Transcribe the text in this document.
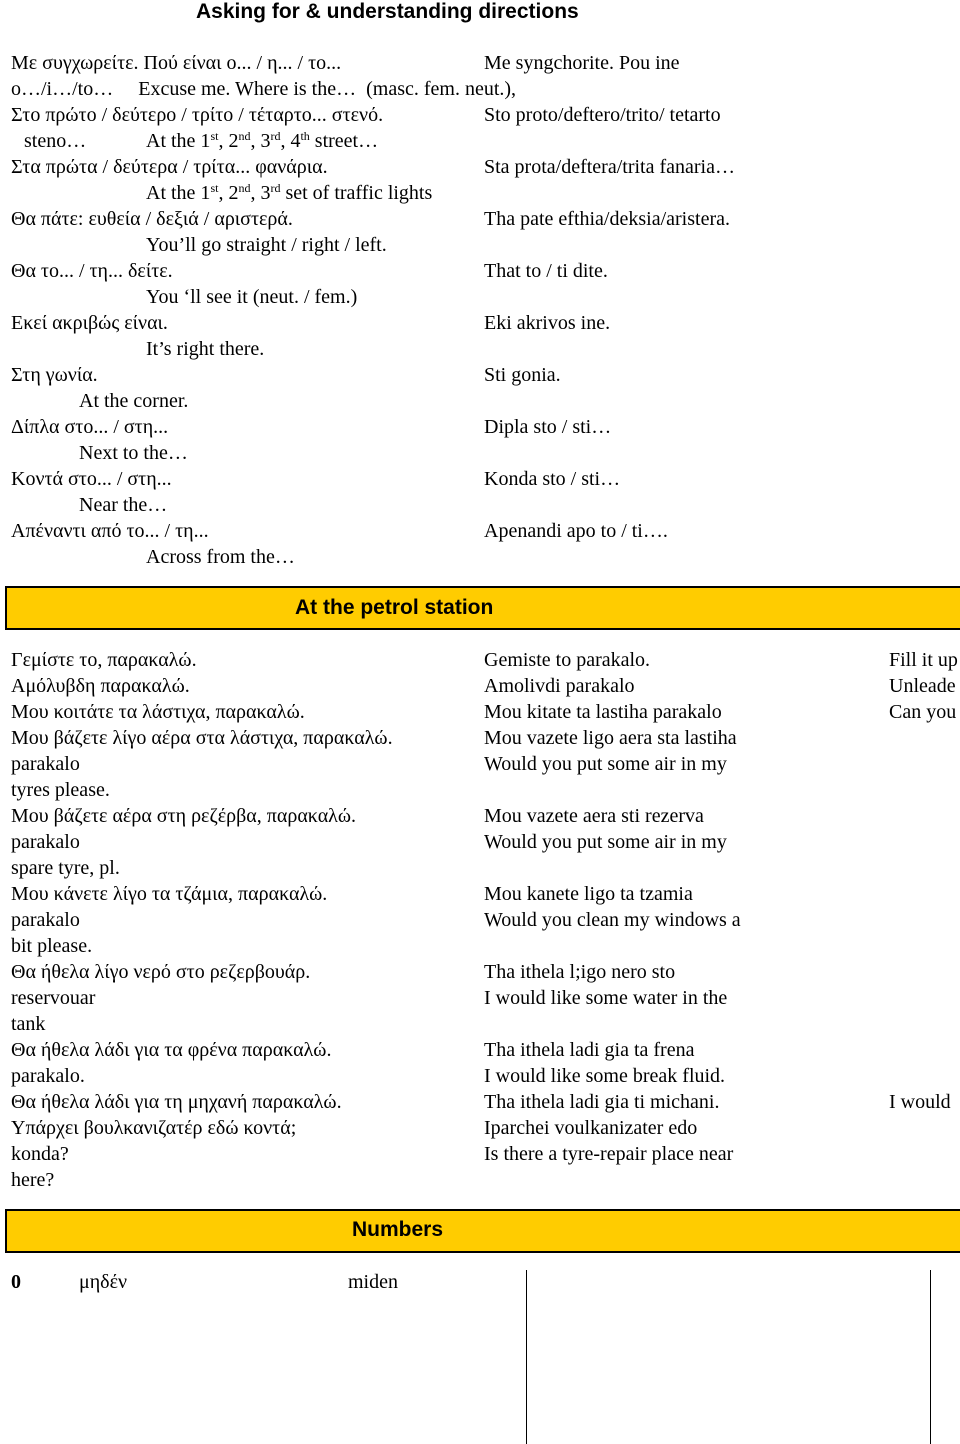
Asking for & understanding directions
Με συγχωρείτε. Πού είναι ο... / η... / το...	Me syngchorite. Pou ine
o…/i…/to…     Excuse me. Where is the…  (masc. fem. neut.),
Στο πρώτο / δεύτερο / τρίτο / τέταρτο... στενό.	Sto proto/deftero/trito/ tetarto
steno…	At the 1st, 2nd, 3rd, 4th street…
Στα πρώτα / δεύτερα / τρίτα... φανάρια.	Sta prota/deftera/trita fanaria…
At the 1st, 2nd, 3rd set of traffic lights
Θα πάτε: ευθεία / δεξιά / αριστερά.	Tha pate efthia/deksia/aristera.
You’ll go straight / right / left.
Θα το... / τη... δείτε.	That to / ti dite.
You ‘ll see it (neut. / fem.)
Εκεί ακριβώς είναι.	Eki akrivos ine.
It’s right there.
Στη γωνία.	Sti gonia.
At the corner.
Δίπλα στο... / στη...	Dipla sto / sti…
Next to the…
Κοντά στο... / στη...	Konda sto / sti…
Near the…
Απέναντι από το... / τη...	Apenandi apo to / ti….
Across from the…
At the petrol station
Γεμίστε το, παρακαλώ.	Gemiste to parakalo.	Fill it up
Αμόλυβδη παρακαλώ.	Amolivdi parakalo	Unleade
Μου κοιτάτε τα λάστιχα, παρακαλώ.	Mou kitate ta lastiha parakalo	Can you
Μου βάζετε λίγο αέρα στα λάστιχα, παρακαλώ.	Mou vazete ligo aera sta lastiha
parakalo	Would you put some air in my
tyres please.
Μου βάζετε αέρα στη ρεζέρβα, παρακαλώ.	Mou vazete aera sti rezerva
parakalo	Would you put some air in my
spare tyre, pl.
Μου κάνετε λίγο τα τζάμια, παρακαλώ.	Mou kanete ligo ta tzamia
parakalo	Would you clean my windows a
bit please.
Θα ήθελα λίγο νερό στο ρεζερβουάρ.	Tha ithela l;igo nero sto
reservouar	I would like some water in the
tank
Θα ήθελα λάδι για τα φρένα παρακαλώ.	Tha ithela ladi gia ta frena
parakalo.	I would like some break fluid.
Θα ήθελα λάδι για τη μηχανή παρακαλώ.	Tha ithela ladi gia ti michani.	I would
Υπάρχει βουλκανιζατέρ εδώ κοντά;	Iparchei voulkanizater edo
konda?	Is there a tyre-repair place near
here?
Numbers
0	μηδέν	miden
